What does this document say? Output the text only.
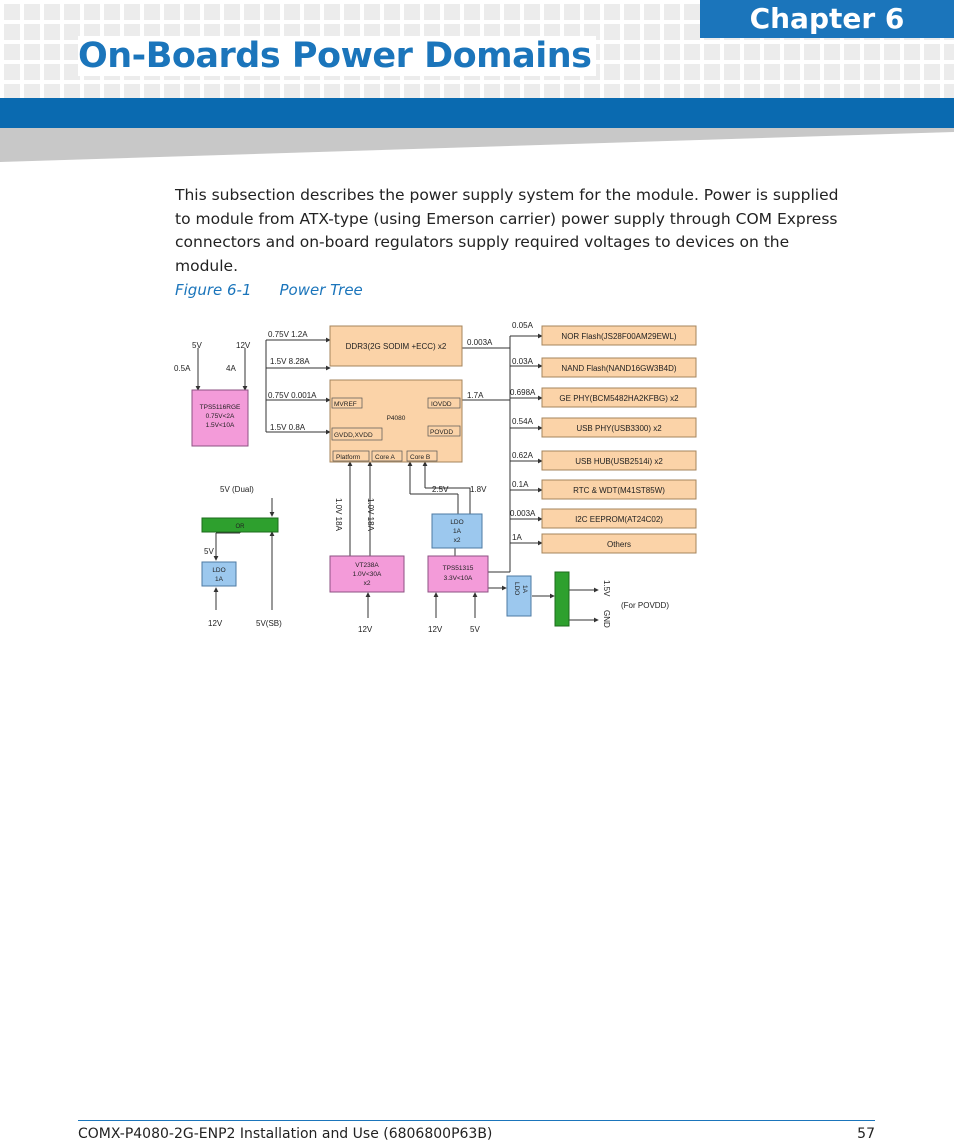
Chapter 6
On-Boards Power Domains

This subsection describes the power supply system for the module. Power is supplied to module from ATX-type (using Emerson carrier) power supply through COM Express connectors and on-board regulators supply required voltages to devices on the module.

Figure 6-1 Power Tree
5V	12V
0.5A	4A
TPS5116RGE
0.75V<2A
1.5V<10A
0.75V 1.2A
1.5V 8.28A
0.75V 0.001A
1.5V 0.8A
DDR3(2G SODIM +ECC) x2	0.003A
P4080
MVREF	IOVDD
GVDD,XVDD	POVDD
Platform Core A Core B
1.7A
0.05A
NOR Flash(JS28F00AM29EWL)
0.03A
NAND Flash(NAND16GW3B4D)
0.698A
GE PHY(BCM5482HA2KFBG) x2
0.54A
USB PHY(USB3300) x2
0.62A
USB HUB(USB2514i) x2
0.1A
RTC & WDT(M41ST85W)
0.003A
I2C EEPROM(AT24C02)
1A
Others
1.0V 18A	1.0V 18A
2.5V	1.8V
LDO
1A
x2
5V (Dual)
OR
5V
LDO
1A
12V	5V(SB)
VT238A
1.0V<30A
x2
12V
TPS51315
3.3V<10A
12V	5V
LDO 1A	1.5V
GND
(For POVDD)
COMX-P4080-2G-ENP2 Installation and Use (6806800P63B)	57
